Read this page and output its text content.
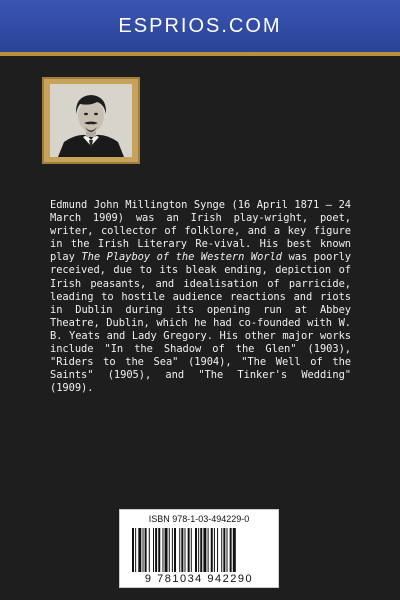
ESPRIOS.COM
Edmund John Millington Synge (16 April 1871 – 24 March 1909) was an Irish play-wright, poet, writer, collector of folklore, and a key figure in the Irish Literary Re-vival. His best known play The Playboy of the Western World was poorly received, due to its bleak ending, depiction of Irish peasants, and idealisation of parricide, leading to hostile audience reactions and riots in Dublin during its opening run at Abbey Theatre, Dublin, which he had co-founded with W. B. Yeats and Lady Gregory. His other major works include "In the Shadow of the Glen" (1903), "Riders to the Sea" (1904), "The Well of the Saints" (1905), and "The Tinker's Wedding" (1909).
ISBN 978-1-03-494229-0
9 781034 942290
